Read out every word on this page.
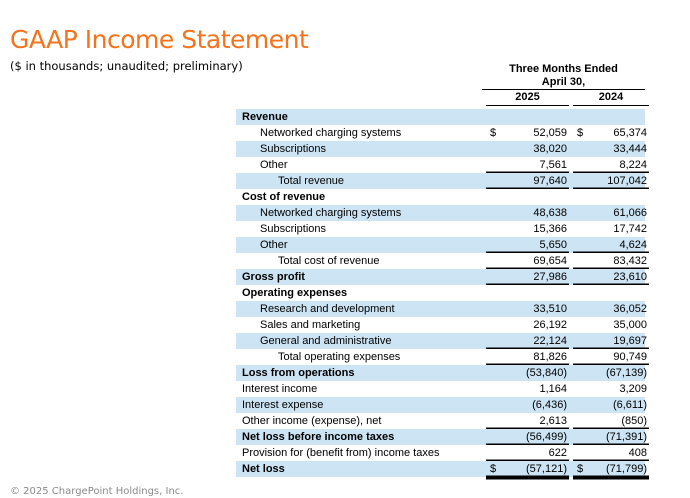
GAAP Income Statement
($ in thousands; unaudited; preliminary)	Three Months Ended
April 30,
2025	2024
Revenue
Networked charging systems	$	52,059 $	65,374
Subscriptions	38,020	33,444
Other	7,561	8,224
Total revenue	97,640	107,042
Cost of revenue
Networked charging systems	48,638	61,066
Subscriptions	15,366	17,742
Other	5,650	4,624
Total cost of revenue	69,654	83,432
Gross profit	27,986	23,610
Operating expenses
Research and development	33,510	36,052
Sales and marketing	26,192	35,000
General and administrative	22,124	19,697
Total operating expenses	81,826	90,749
Loss from operations	(53,840)	(67,139)
Interest income	1,164	3,209
Interest expense	(6,436)	(6,611)
Other income (expense), net	2,613	(850)
Net loss before income taxes	(56,499)	(71,391)
Provision for (benefit from) income taxes	622	408
Net loss	$	(57,121) $ (71,799)
© 2025 ChargePoint Holdings, Inc.
